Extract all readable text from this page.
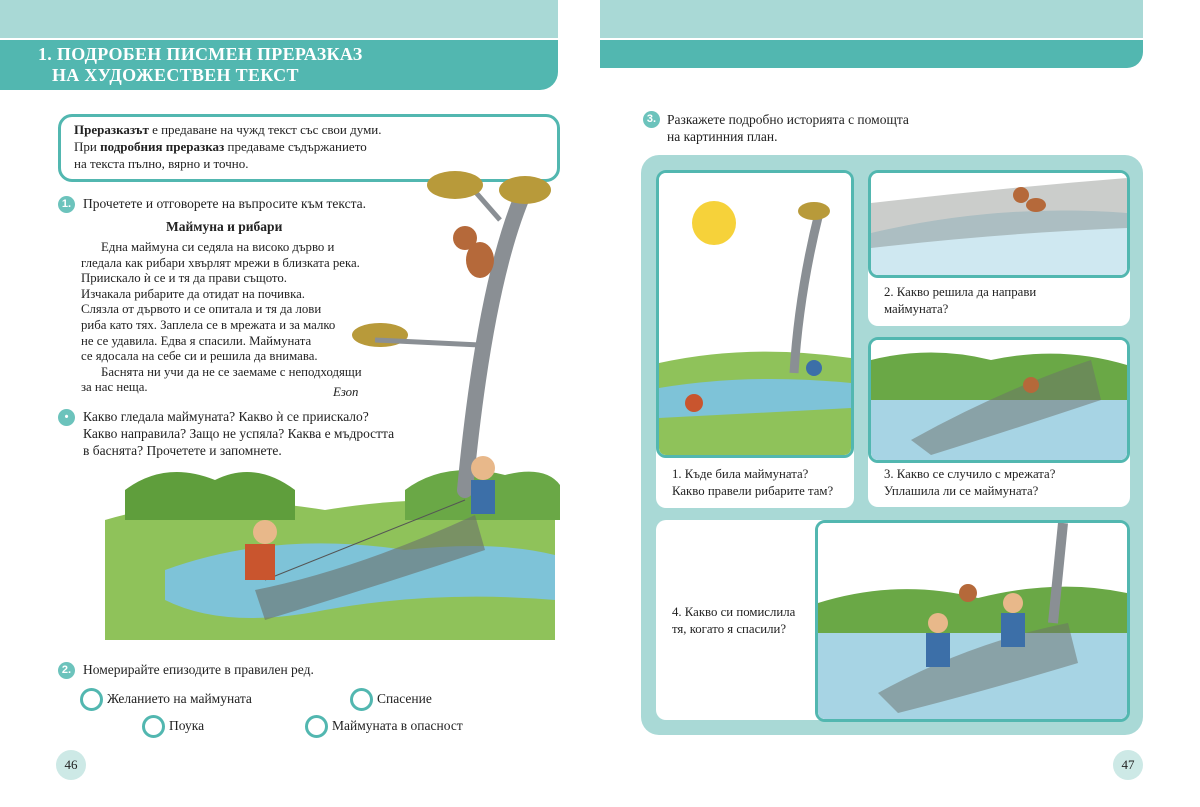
1. ПОДРОБЕН ПИСМЕН ПРЕРАЗКАЗ
НА ХУДОЖЕСТВЕН ТЕКСТ
Преразказът е предаване на чужд текст със свои думи.
При подробния преразказ предаваме съдържанието
на текста пълно, вярно и точно.
1. Прочетете и отговорете на въпросите към текста.
Маймуна и рибари
Една маймуна си седяла на високо дърво и
гледала как рибари хвърлят мрежи в близката река.
Приискало ѝ се и тя да прави същото.
Изчакала рибарите да отидат на почивка.
Слязла от дървото и се опитала и тя да лови
риба като тях. Заплела се в мрежата и за малко
не се удавила. Едва я спасили. Маймуната
се ядосала на себе си и решила да внимава.
Баснята ни учи да не се заемаме с неподходящи
за нас неща.	Езоп
•	Какво гледала маймуната? Какво ѝ се приискало?
Какво направила? Защо не успяла? Каква е мъдростта
в баснята? Прочетете и запомнете.
2. Номерирайте епизодите в правилен ред.
Желанието на маймуната	Спасение
Поука	Маймуната в опасност
46
3. Разкажете подробно историята с помощта
на картинния план.
1. Къде била маймуната?
Какво правели рибарите там?
2. Какво решила да направи
маймуната?
3. Какво се случило с мрежата?
Уплашила ли се маймуната?
4. Какво си помислила
тя, когато я спасили?
47
